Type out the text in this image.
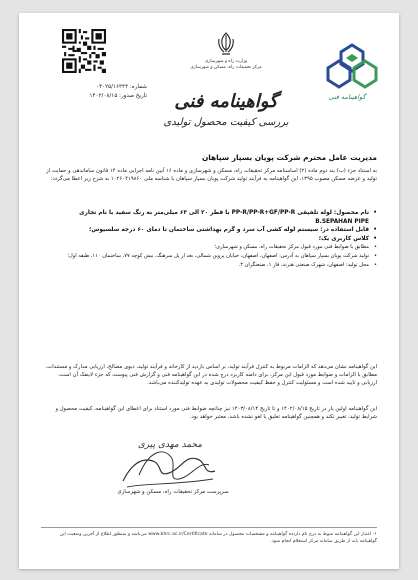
شماره: ۰۴۰۲۵/۱۶۳۴۴
تاریخ صدور: ۱۴۰۲/۰۸/۱۵
وزارت راه و شهرسازی
مرکز تحقیقات راه، مسکن و شهرسازی
گواهینامه فنی
گواهینامه فنی
بررسی کیفیت محصول تولیدی
مدیریت عامل محترم شرکت پویان بسپار سپاهان
به استناد جزء (ب) بند دوم ماده (۲) اساسنامه مرکز تحقیقات راه، مسکن و شهرسازی و ماده ۱۶ آیین نامه اجرایی ماده ۱۴ قانون ساماندهی و حمایت از تولید و عرضه مسکن مصوب ۱۳۹۵، این گواهینامه به فرآیند تولید شرکت پویان بسپار سپاهان با شناسه ملی ۱۰۲۶۰۴۱۹۸۶۰ به شرح زیر اعطا می‌گردد:
• نام محصول: لوله تلفیقی PP-R/PP-R+GF/PP-R با قطر ۲۰ الی ۶۳ میلی‌متر به رنگ سفید با نام تجاری B.SEPAHAN PIPE
• قابل استفاده در: سیستم لوله کشی آب سرد و گرم بهداشتی ساختمان تا دمای ۶۰ درجه سلسیوس؛
• کلاس کاربری یک؛
• مطابق با ضوابط فنی مورد قبول مرکز تحقیقات راه، مسکن و شهرسازی؛
• تولید شرکت پویان بسپار سپاهان به آدرس: اصفهان، اصفهان، خیابان پروین شمالی، بعد از پل سرهنگ، نبش کوچه ۷۷، ساختمان ۱۱۰، طبقه اول؛
• محل تولید: اصفهان، شهرک صنعتی هنرند، فاز ۱، صنعتگران ۴.
این گواهینامه نشان می‌دهد که الزامات مربوط به کنترل فرآیند تولید، بر اساس بازدید از کارخانه و فرآیند تولید، دیوی مصالح، ارزیابی مدارک و مستندات، مطابق با الزامات و ضوابط مورد قبول این مرکز، برای دامنه کاربرد درج شده در این گواهینامه فنی و گزارش فنی پیوست که جزء لاینفک آن است، ارزیابی و تایید شده است و مسئولیت کنترل و حفظ کیفیت محصولات تولیدی به عهده تولیدکننده می‌باشد.
این گواهینامه اولین بار در تاریخ ۱۴۰۲/۰۸/۱۵ و تا تاریخ ۱۴۰۳/۰۸/۱۴ نیز چنانچه ضوابط فنی مورد استناد برای اعطای این گواهینامه، کیفیت محصول و شرایط تولید، تغییر نکند و همچنین گواهینامه تعلیق یا لغو نشده باشد، معتبر خواهد بود.
محمد مهدی پیری
سرپرست مرکز تحقیقات راه، مسکن و شهرسازی
۱- اعتبار این گواهینامه منوط به درج نام دارنده گواهینامه و مشخصات محصول در سامانه www.bhrc.ac.ir/Certificate می‌باشد و بمنظور اطلاع از آخرین وضعیت این گواهینامه باید از طریق سامانه مرکز استعلام انجام شود.
